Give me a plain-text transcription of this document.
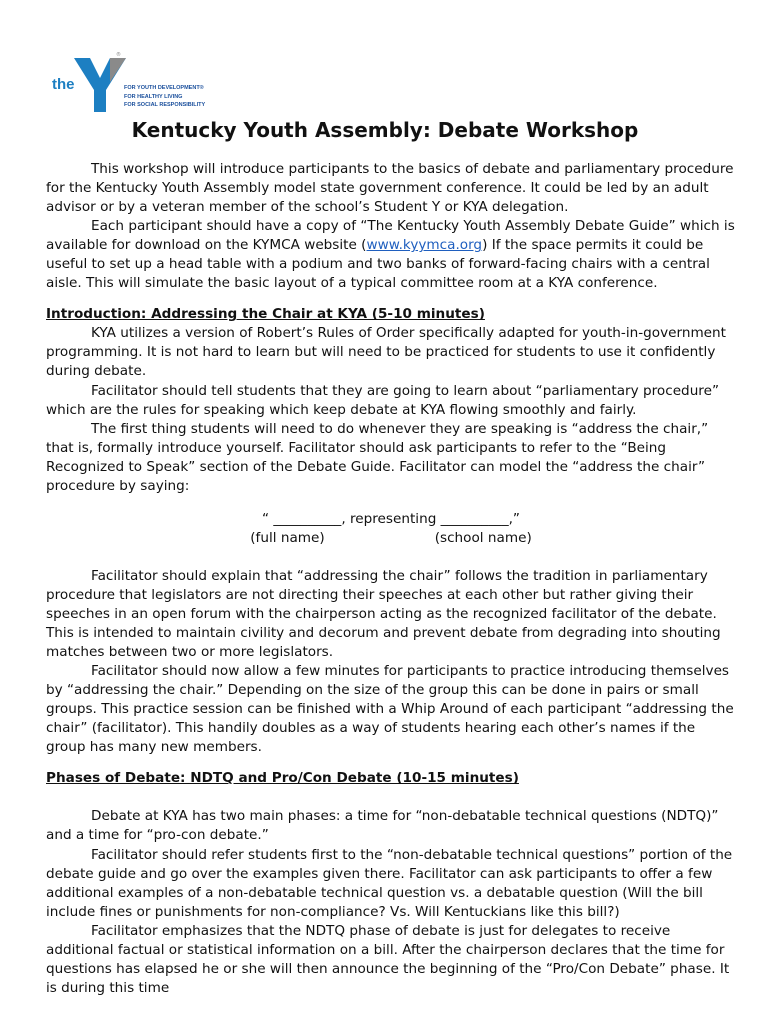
the
YMCA
®
FOR YOUTH DEVELOPMENT®
FOR HEALTHY LIVING
FOR SOCIAL RESPONSIBILITY
Kentucky Youth Assembly: Debate Workshop

This workshop will introduce participants to the basics of debate and parliamentary procedure for the Kentucky Youth Assembly model state government conference. It could be led by an adult advisor or by a veteran member of the school’s Student Y or KYA delegation.

Each participant should have a copy of “The Kentucky Youth Assembly Debate Guide” which is available for download on the KYMCA website (www.kyymca.org) If the space permits it could be useful to set up a head table with a podium and two banks of forward-facing chairs with a central aisle. This will simulate the basic layout of a typical committee room at a KYA conference.

Introduction: Addressing the Chair at KYA (5-10 minutes)

KYA utilizes a version of Robert’s Rules of Order specifically adapted for youth-in-government programming. It is not hard to learn but will need to be practiced for students to use it confidently during debate.

Facilitator should tell students that they are going to learn about “parliamentary procedure” which are the rules for speaking which keep debate at KYA flowing smoothly and fairly.

The first thing students will need to do whenever they are speaking is “address the chair,” that is, formally introduce yourself. Facilitator should ask participants to refer to the “Being Recognized to Speak” section of the Debate Guide. Facilitator can model the “address the chair” procedure by saying:

“ __________, representing __________,”
(full name)	(school name)

Facilitator should explain that “addressing the chair” follows the tradition in parliamentary procedure that legislators are not directing their speeches at each other but rather giving their speeches in an open forum with the chairperson acting as the recognized facilitator of the debate. This is intended to maintain civility and decorum and prevent debate from degrading into shouting matches between two or more legislators.

Facilitator should now allow a few minutes for participants to practice introducing themselves by “addressing the chair.” Depending on the size of the group this can be done in pairs or small groups. This practice session can be finished with a Whip Around of each participant “addressing the chair” (facilitator). This handily doubles as a way of students hearing each other’s names if the group has many new members.

Phases of Debate: NDTQ and Pro/Con Debate (10-15 minutes)

Debate at KYA has two main phases: a time for “non-debatable technical questions (NDTQ)” and a time for “pro-con debate.”

Facilitator should refer students first to the “non-debatable technical questions” portion of the debate guide and go over the examples given there. Facilitator can ask participants to offer a few additional examples of a non-debatable technical question vs. a debatable question (Will the bill include fines or punishments for non-compliance? Vs. Will Kentuckians like this bill?)

Facilitator emphasizes that the NDTQ phase of debate is just for delegates to receive additional factual or statistical information on a bill. After the chairperson declares that the time for questions has elapsed he or she will then announce the beginning of the “Pro/Con Debate” phase. It is during this time
